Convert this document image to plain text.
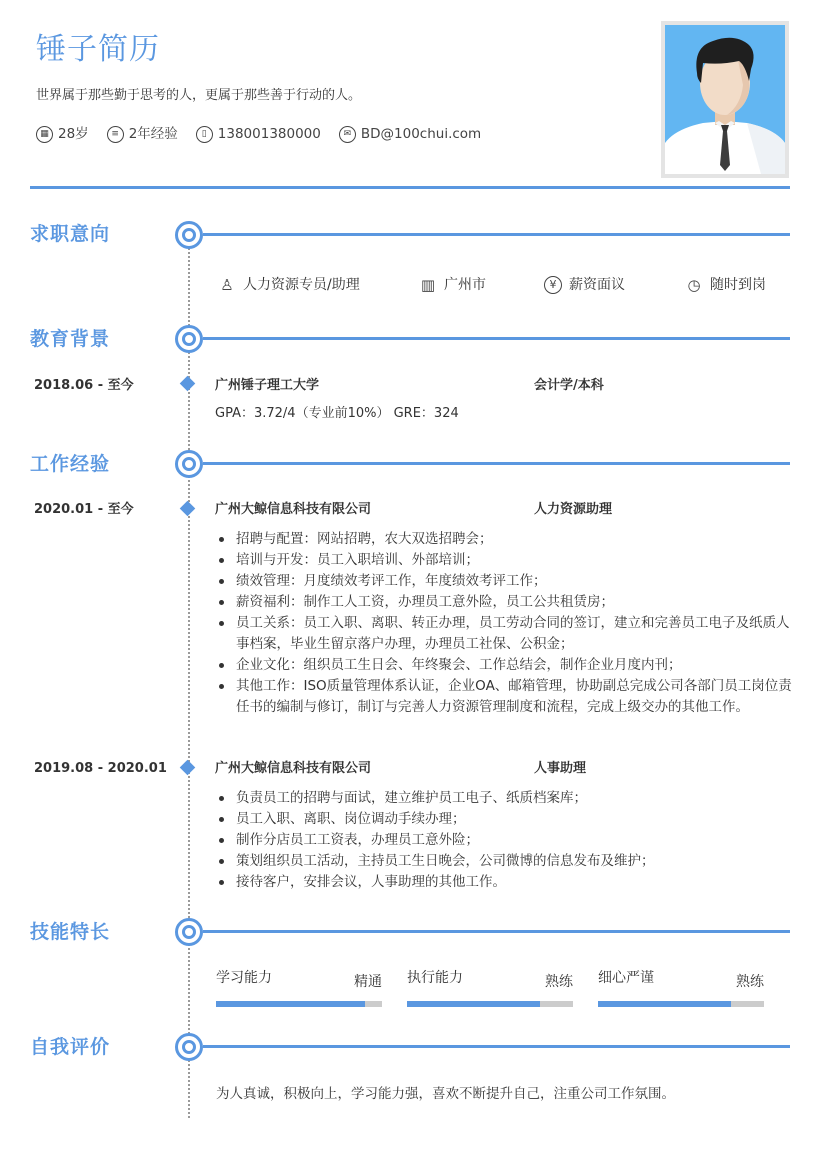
锤子简历
世界属于那些勤于思考的人，更属于那些善于行动的人。
▦ 28岁	≡ 2年经验	▯ 138001380000	✉ BD@100chui.com
求职意向
♙ 人力资源专员/助理	▥ 广州市	¥ 薪资面议	◷ 随时到岗
教育背景
2018.06 - 至今	广州锤子理工大学	会计学/本科
GPA：3.72/4（专业前10%） GRE：324
工作经验
2020.01 - 至今	广州大鲸信息科技有限公司	人力资源助理
招聘与配置：网站招聘，农大双选招聘会；
培训与开发：员工入职培训、外部培训；
绩效管理：月度绩效考评工作，年度绩效考评工作；
薪资福利：制作工人工资，办理员工意外险，员工公共租赁房；
员工关系：员工入职、离职、转正办理，员工劳动合同的签订，建立和完善员工电子及纸质人事档案，毕业生留京落户办理，办理员工社保、公积金；
企业文化：组织员工生日会、年终聚会、工作总结会，制作企业月度内刊；
其他工作：ISO质量管理体系认证，企业OA、邮箱管理，协助副总完成公司各部门员工岗位责任书的编制与修订，制订与完善人力资源管理制度和流程，完成上级交办的其他工作。
2019.08 - 2020.01	广州大鲸信息科技有限公司	人事助理
负责员工的招聘与面试，建立维护员工电子、纸质档案库；
员工入职、离职、岗位调动手续办理；
制作分店员工工资表，办理员工意外险；
策划组织员工活动，主持员工生日晚会，公司微博的信息发布及维护；
接待客户，安排会议，人事助理的其他工作。
技能特长
学习能力	精通 执行能力	熟练 细心严谨	熟练
自我评价
为人真诚，积极向上，学习能力强，喜欢不断提升自己，注重公司工作氛围。
